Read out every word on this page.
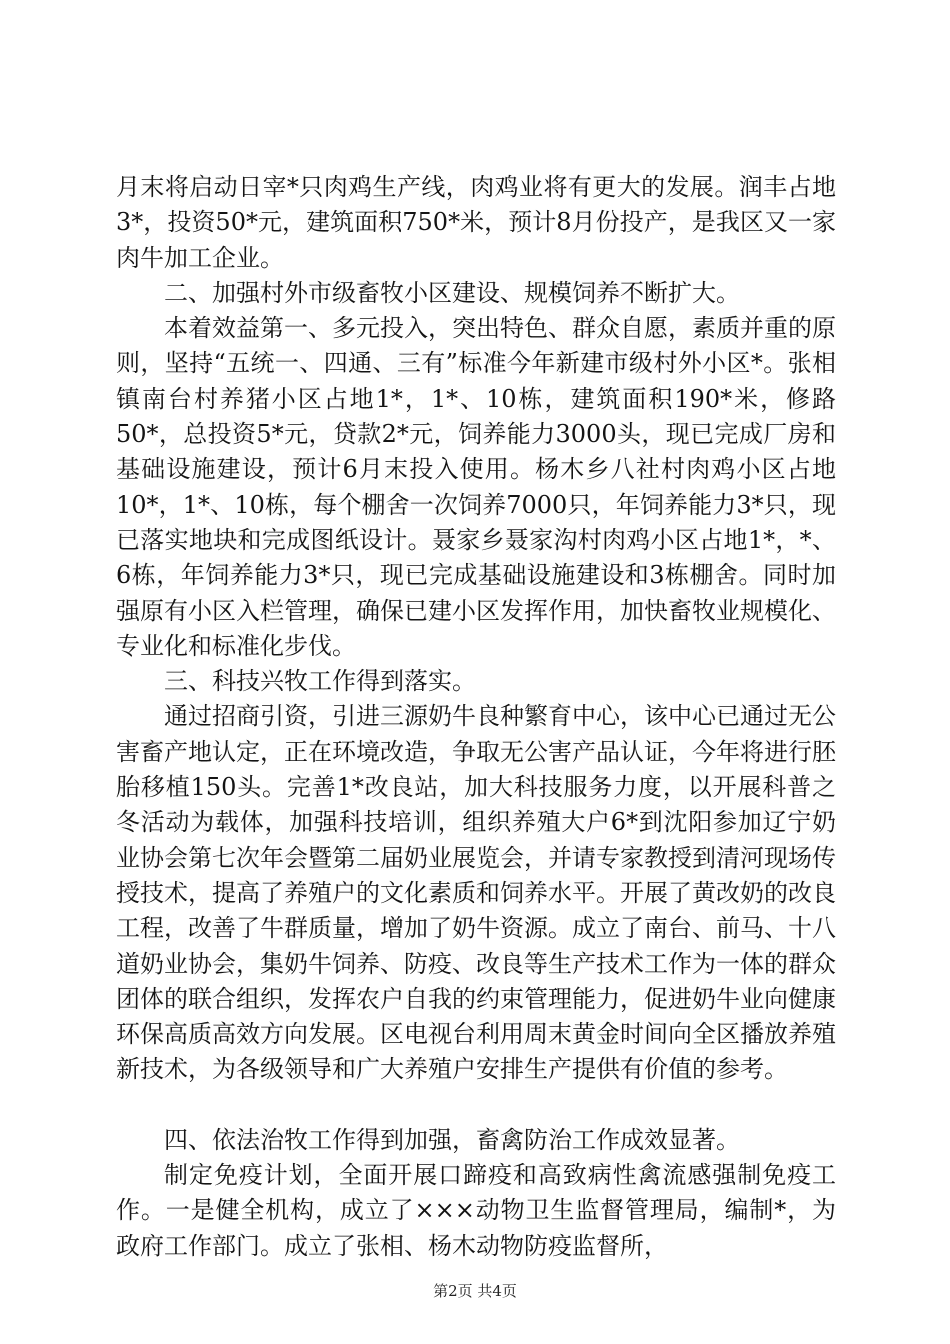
月末将启动日宰*只肉鸡生产线，肉鸡业将有更大的发展。润丰占地3*，投资50*元，建筑面积750*米，预计8月份投产，是我区又一家肉牛加工企业。

二、加强村外市级畜牧小区建设、规模饲养不断扩大。

本着效益第一、多元投入，突出特色、群众自愿，素质并重的原则，坚持“五统一、四通、三有”标准今年新建市级村外小区*。张相镇南台村养猪小区占地1*，1*、10栋，建筑面积190*米，修路50*，总投资5*元，贷款2*元，饲养能力3000头，现已完成厂房和基础设施建设，预计6月末投入使用。杨木乡八社村肉鸡小区占地10*，1*、10栋，每个棚舍一次饲养7000只，年饲养能力3*只，现已落实地块和完成图纸设计。聂家乡聂家沟村肉鸡小区占地1*，*、6栋，年饲养能力3*只，现已完成基础设施建设和3栋棚舍。同时加强原有小区入栏管理，确保已建小区发挥作用，加快畜牧业规模化、专业化和标准化步伐。

三、科技兴牧工作得到落实。

通过招商引资，引进三源奶牛良种繁育中心，该中心已通过无公害畜产地认定，正在环境改造，争取无公害产品认证，今年将进行胚胎移植150头。完善1*改良站，加大科技服务力度，以开展科普之冬活动为载体，加强科技培训，组织养殖大户6*到沈阳参加辽宁奶业协会第七次年会暨第二届奶业展览会，并请专家教授到清河现场传授技术，提高了养殖户的文化素质和饲养水平。开展了黄改奶的改良工程，改善了牛群质量，增加了奶牛资源。成立了南台、前马、十八道奶业协会，集奶牛饲养、防疫、改良等生产技术工作为一体的群众团体的联合组织，发挥农户自我的约束管理能力，促进奶牛业向健康环保高质高效方向发展。区电视台利用周末黄金时间向全区播放养殖新技术，为各级领导和广大养殖户安排生产提供有价值的参考。

四、依法治牧工作得到加强，畜禽防治工作成效显著。

制定免疫计划，全面开展口蹄疫和高致病性禽流感强制免疫工作。一是健全机构，成立了×××动物卫生监督管理局，编制*，为政府工作部门。成立了张相、杨木动物防疫监督所，

第2页 共4页
